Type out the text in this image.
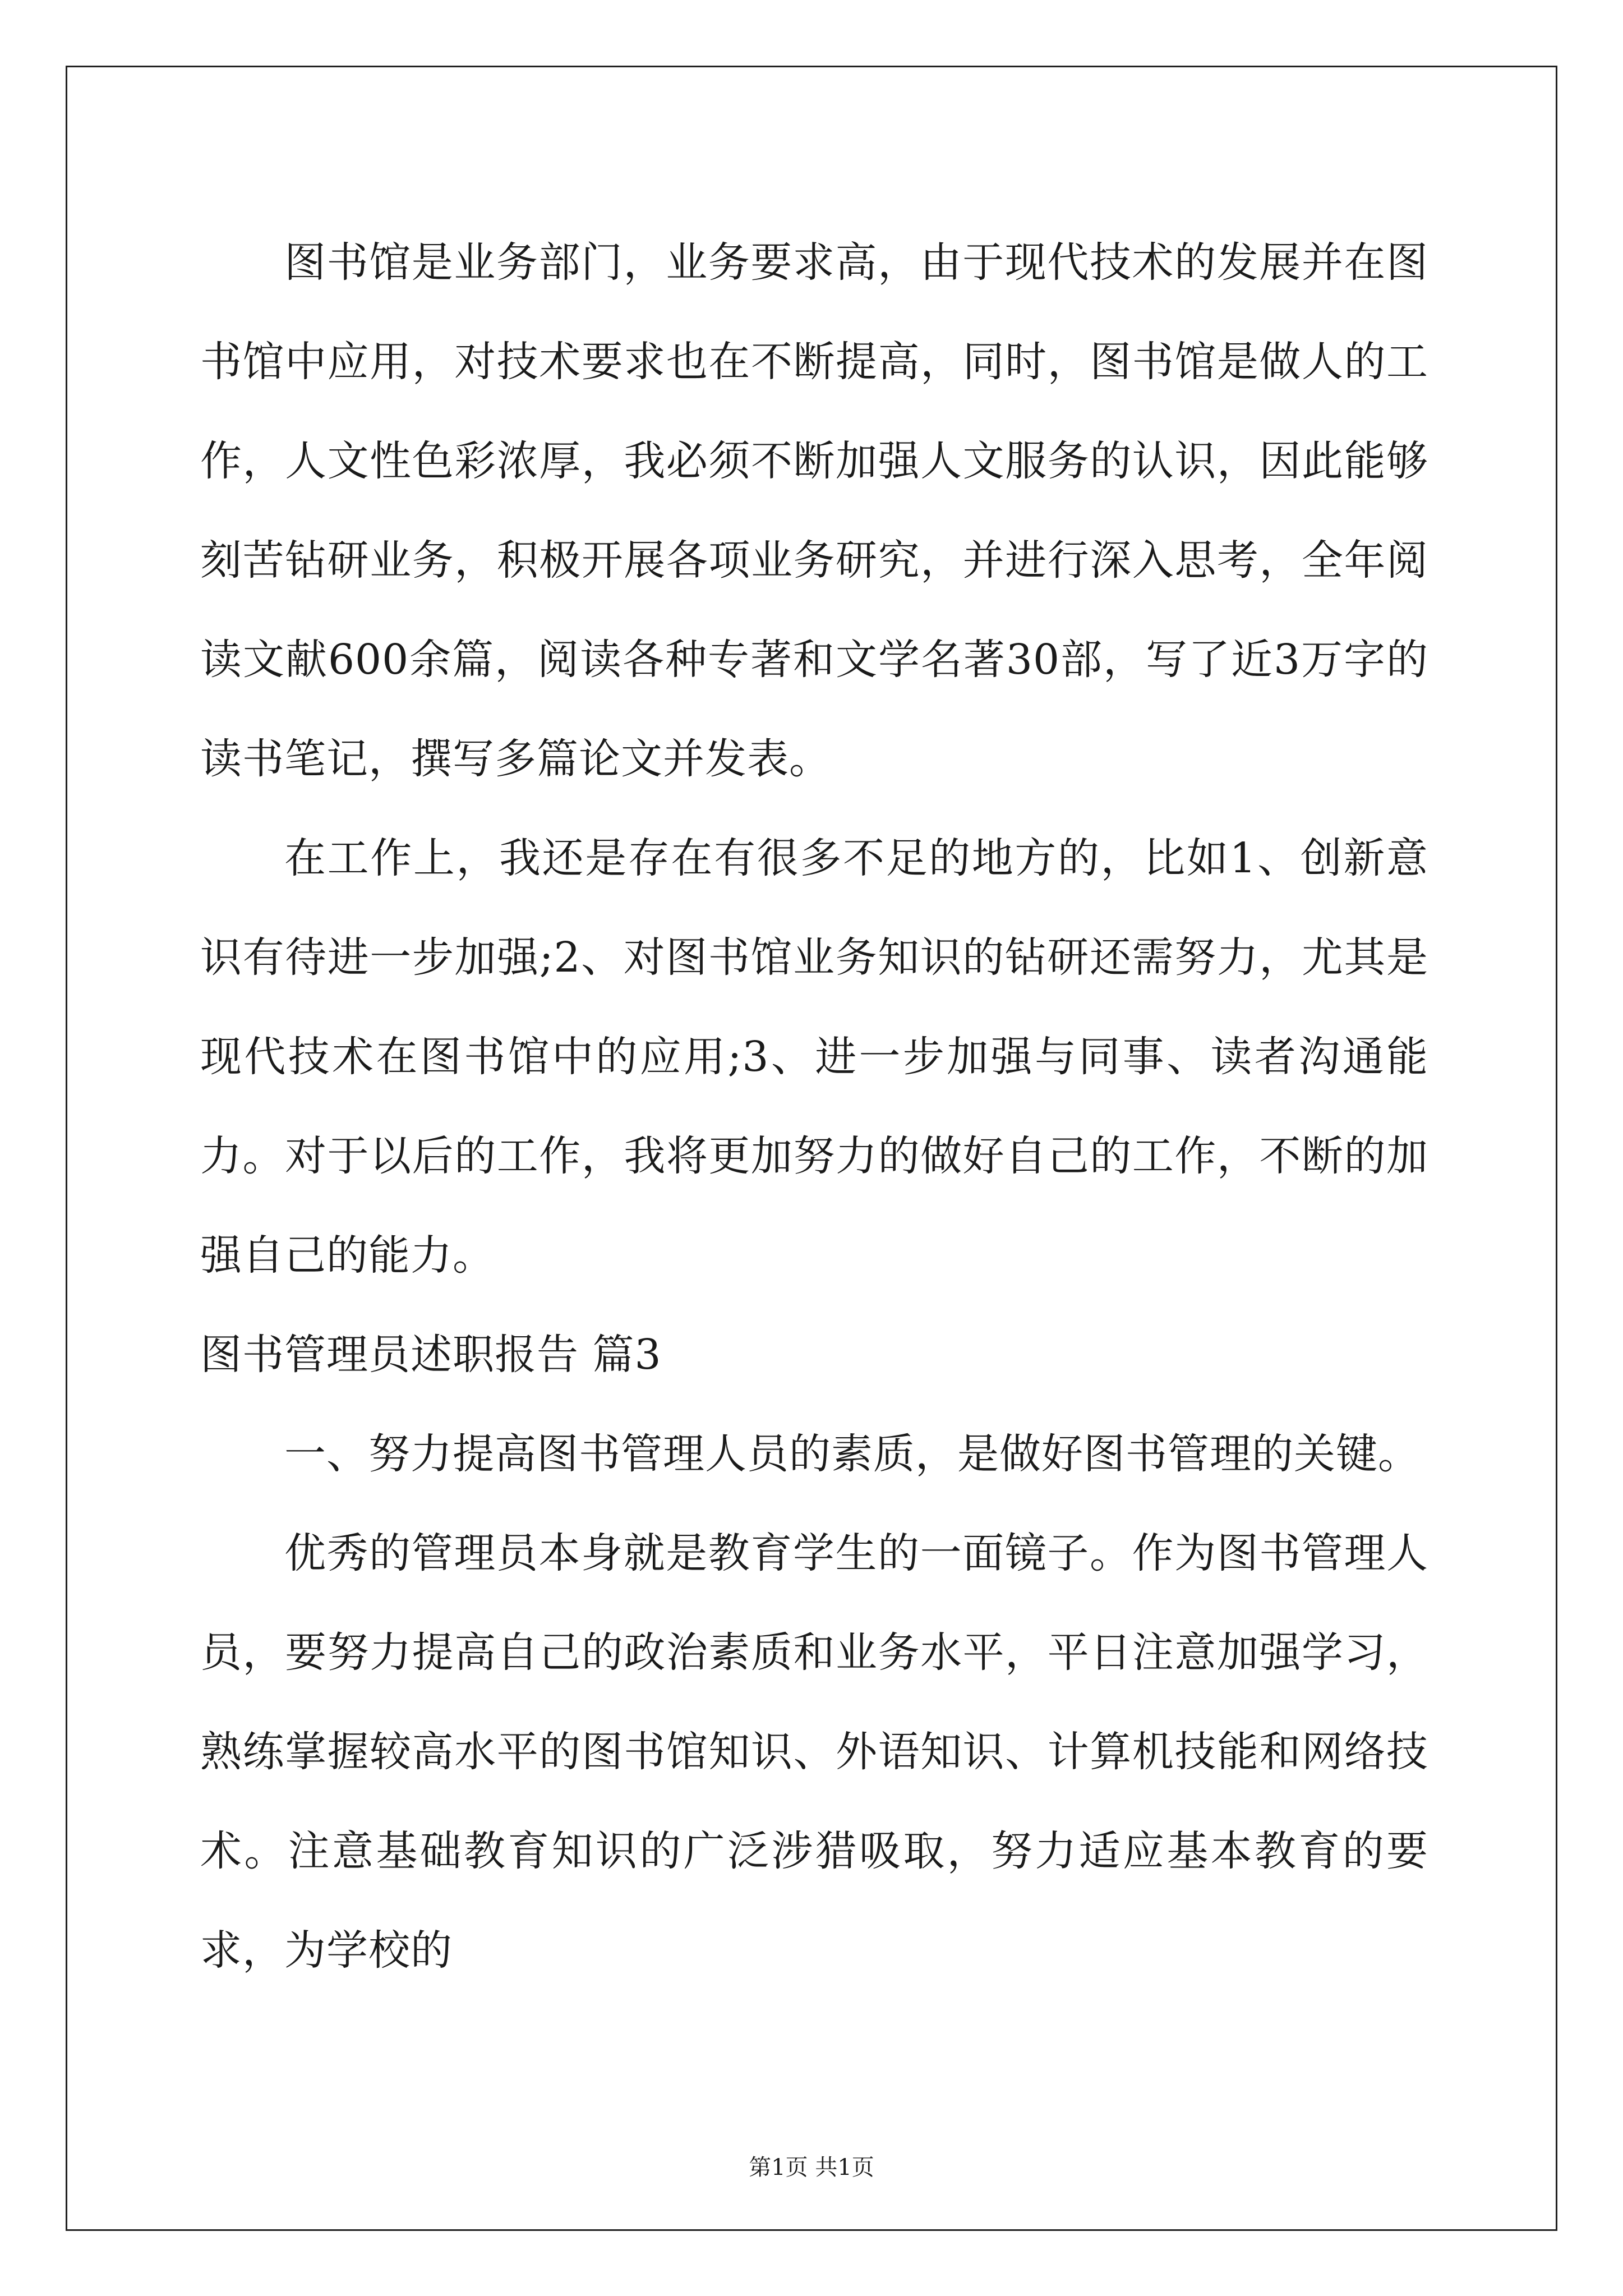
图书馆是业务部门，业务要求高，由于现代技术的发展并在图书馆中应用，对技术要求也在不断提高，同时，图书馆是做人的工作，人文性色彩浓厚，我必须不断加强人文服务的认识，因此能够刻苦钻研业务，积极开展各项业务研究，并进行深入思考，全年阅读文献600余篇，阅读各种专著和文学名著30部，写了近3万字的读书笔记，撰写多篇论文并发表。

在工作上，我还是存在有很多不足的地方的，比如1、创新意识有待进一步加强;2、对图书馆业务知识的钻研还需努力，尤其是现代技术在图书馆中的应用;3、进一步加强与同事、读者沟通能力。对于以后的工作，我将更加努力的做好自己的工作，不断的加强自己的能力。

图书管理员述职报告 篇3

一、努力提高图书管理人员的素质，是做好图书管理的关键。

优秀的管理员本身就是教育学生的一面镜子。作为图书管理人员，要努力提高自己的政治素质和业务水平，平日注意加强学习，熟练掌握较高水平的图书馆知识、外语知识、计算机技能和网络技术。注意基础教育知识的广泛涉猎吸取，努力适应基本教育的要求，为学校的

第1页 共1页
